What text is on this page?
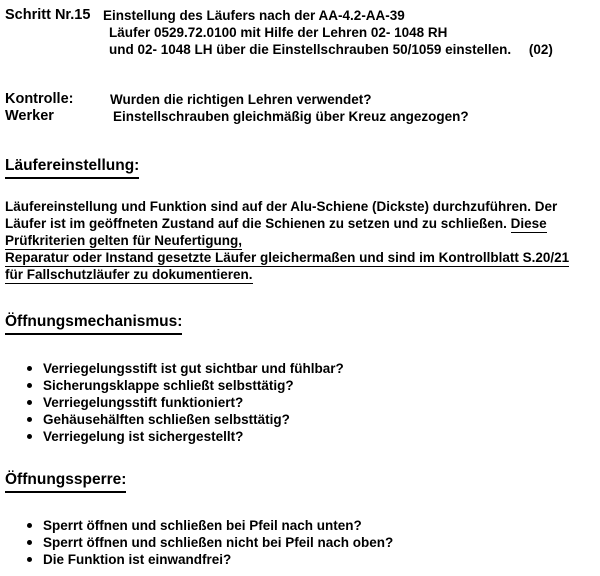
Schritt Nr.15 Einstellung des Läufers nach der AA-4.2-AA-39
Läufer 0529.72.0100 mit Hilfe der Lehren 02- 1048 RH
und 02- 1048 LH über die Einstellschrauben 50/1059 einstellen. (02)
Kontrolle:	Wurden die richtigen Lehren verwendet?
Werker	Einstellschrauben gleichmäßig über Kreuz angezogen?
Läufereinstellung:
Läufereinstellung und Funktion sind auf der Alu-Schiene (Dickste) durchzuführen. Der
Läufer ist im geöffneten Zustand auf die Schienen zu setzen und zu schließen. Diese
Prüfkriterien gelten für Neufertigung,
Reparatur oder Instand gesetzte Läufer gleichermaßen und sind im Kontrollblatt S.20/21
für Fallschutzläufer zu dokumentieren.
Öffnungsmechanismus:
Verriegelungsstift ist gut sichtbar und fühlbar?
Sicherungsklappe schließt selbsttätig?
Verriegelungsstift funktioniert?
Gehäusehälften schließen selbsttätig?
Verriegelung ist sichergestellt?
Öffnungssperre:
Sperrt öffnen und schließen bei Pfeil nach unten?
Sperrt öffnen und schließen nicht bei Pfeil nach oben?
Die Funktion ist einwandfrei?
